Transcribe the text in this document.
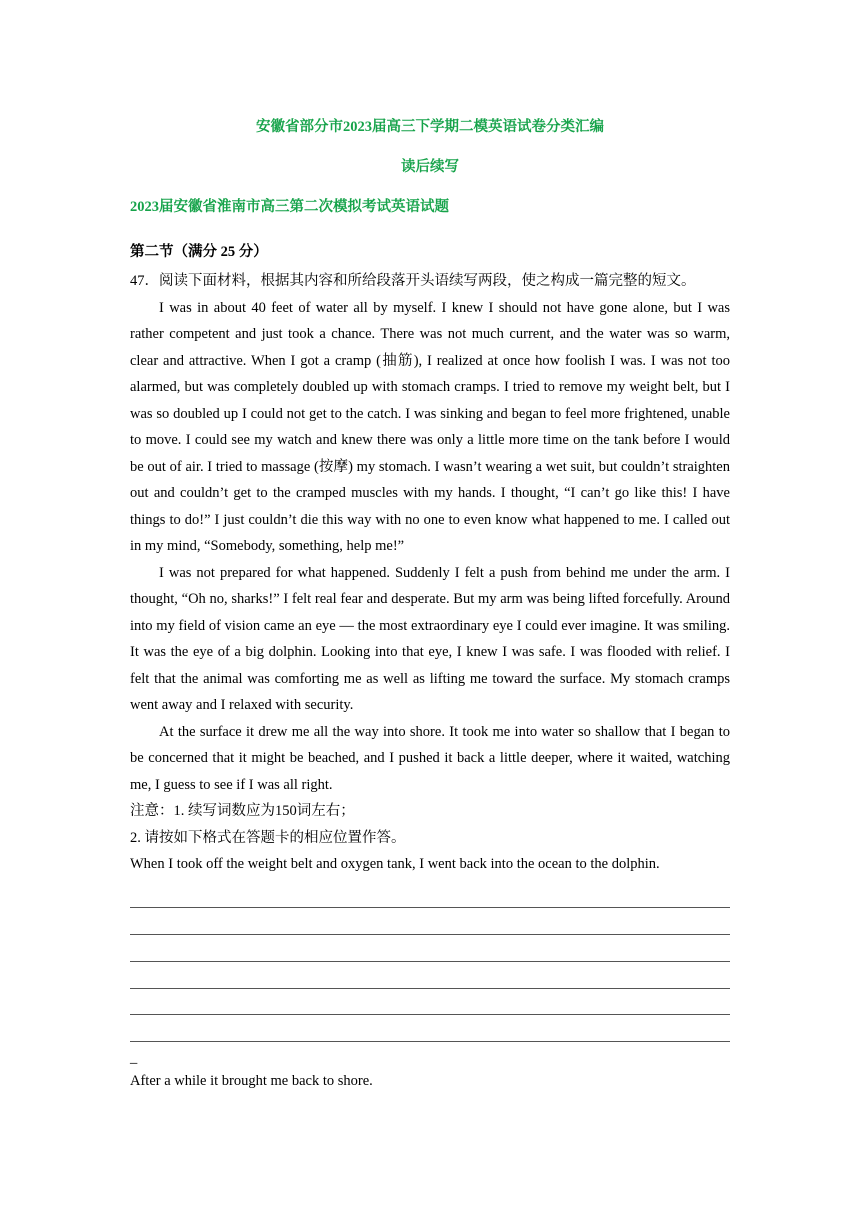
安徽省部分市2023届高三下学期二模英语试卷分类汇编
读后续写
2023届安徽省淮南市高三第二次模拟考试英语试题
第二节（满分 25 分）

47．阅读下面材料，根据其内容和所给段落开头语续写两段，使之构成一篇完整的短文。

I was in about 40 feet of water all by myself. I knew I should not have gone alone, but I was rather competent and just took a chance. There was not much current, and the water was so warm, clear and attractive. When I got a cramp (抽筋), I realized at once how foolish I was. I was not too alarmed, but was completely doubled up with stomach cramps. I tried to remove my weight belt, but I was so doubled up I could not get to the catch. I was sinking and began to feel more frightened, unable to move. I could see my watch and knew there was only a little more time on the tank before I would be out of air. I tried to massage (按摩) my stomach. I wasn’t wearing a wet suit, but couldn’t straighten out and couldn’t get to the cramped muscles with my hands. I thought, “I can’t go like this! I have things to do!” I just couldn’t die this way with no one to even know what happened to me. I called out in my mind, “Somebody, something, help me!”

I was not prepared for what happened. Suddenly I felt a push from behind me under the arm. I thought, “Oh no, sharks!” I felt real fear and desperate. But my arm was being lifted forcefully. Around into my field of vision came an eye — the most extraordinary eye I could ever imagine. It was smiling. It was the eye of a big dolphin. Looking into that eye, I knew I was safe. I was flooded with relief. I felt that the animal was comforting me as well as lifting me toward the surface. My stomach cramps went away and I relaxed with security.

At the surface it drew me all the way into shore. It took me into water so shallow that I began to be concerned that it might be beached, and I pushed it back a little deeper, where it waited, watching me, I guess to see if I was all right.

注意：1. 续写词数应为150词左右；

2. 请按如下格式在答题卡的相应位置作答。

When I took off the weight belt and oxygen tank, I went back into the ocean to the dolphin.

_

After a while it brought me back to shore.
